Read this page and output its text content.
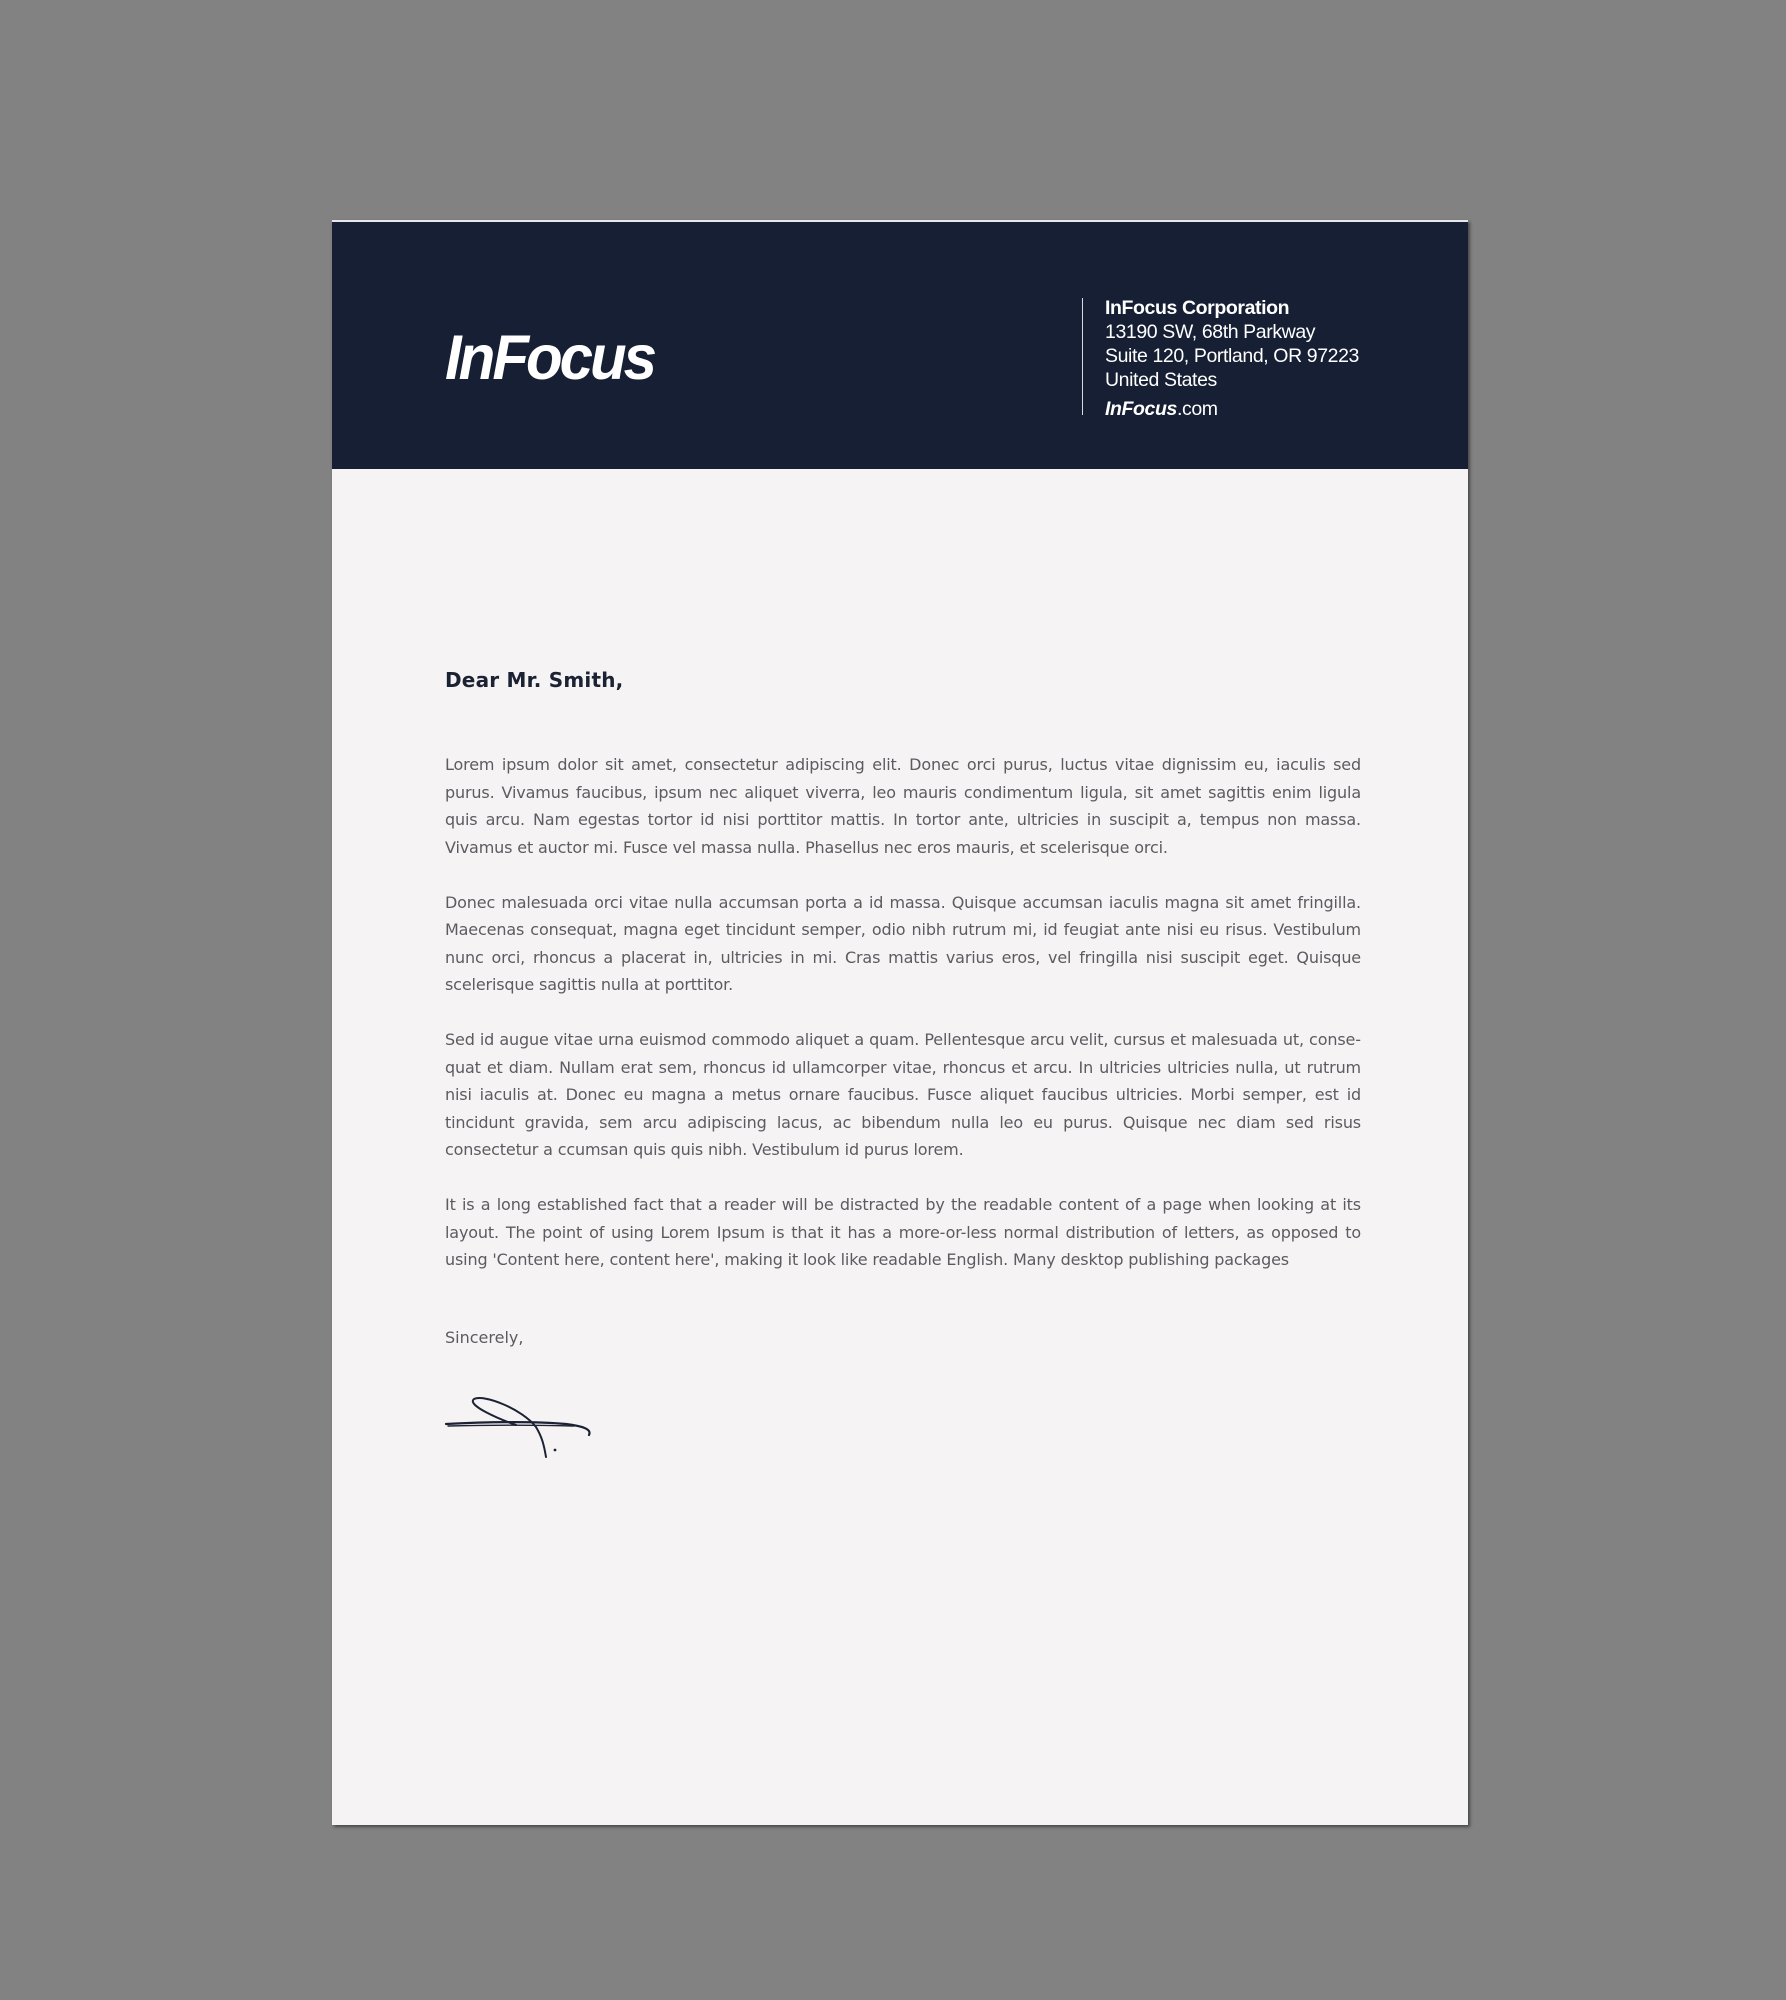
InFocus
InFocus Corporation
13190 SW, 68th Parkway
Suite 120, Portland, OR 97223
United States
InFocus.com
Dear Mr. Smith,

Lorem ipsum dolor sit amet, consectetur adipiscing elit. Donec orci purus, luctus vitae dignissim eu, iaculis sed purus. Vivamus faucibus, ipsum nec aliquet viverra, leo mauris condimentum ligula, sit amet sagittis enim ligula quis arcu. Nam egestas tortor id nisi porttitor mattis. In tortor ante, ultricies in suscipit a, tempus non massa. Vivamus et auctor mi. Fusce vel massa nulla. Phasellus nec eros mauris, et scelerisque orci.

Donec malesuada orci vitae nulla accumsan porta a id massa. Quisque accumsan iaculis magna sit amet fringilla. Maecenas consequat, magna eget tincidunt semper, odio nibh rutrum mi, id feugiat ante nisi eu risus. Vestibulum nunc orci, rhoncus a placerat in, ultricies in mi. Cras mattis varius eros, vel fringilla nisi suscipit eget. Quisque scelerisque sagittis nulla at porttitor.

Sed id augue vitae urna euismod commodo aliquet a quam. Pellentesque arcu velit, cursus et malesuada ut, consequat et diam. Nullam erat sem, rhoncus id ullamcorper vitae, rhoncus et arcu. In ultricies ultricies nulla, ut rutrum nisi iaculis at. Donec eu magna a metus ornare faucibus. Fusce aliquet faucibus ultricies. Morbi semper, est id tincidunt gravida, sem arcu adipiscing lacus, ac bibendum nulla leo eu purus. Quisque nec diam sed risus consectetur a ccumsan quis quis nibh. Vestibulum id purus lorem.

It is a long established fact that a reader will be distracted by the readable content of a page when looking at its layout. The point of using Lorem Ipsum is that it has a more-or-less normal distribution of letters, as opposed to using 'Content here, content here', making it look like readable English. Many desktop publishing packages

Sincerely,
